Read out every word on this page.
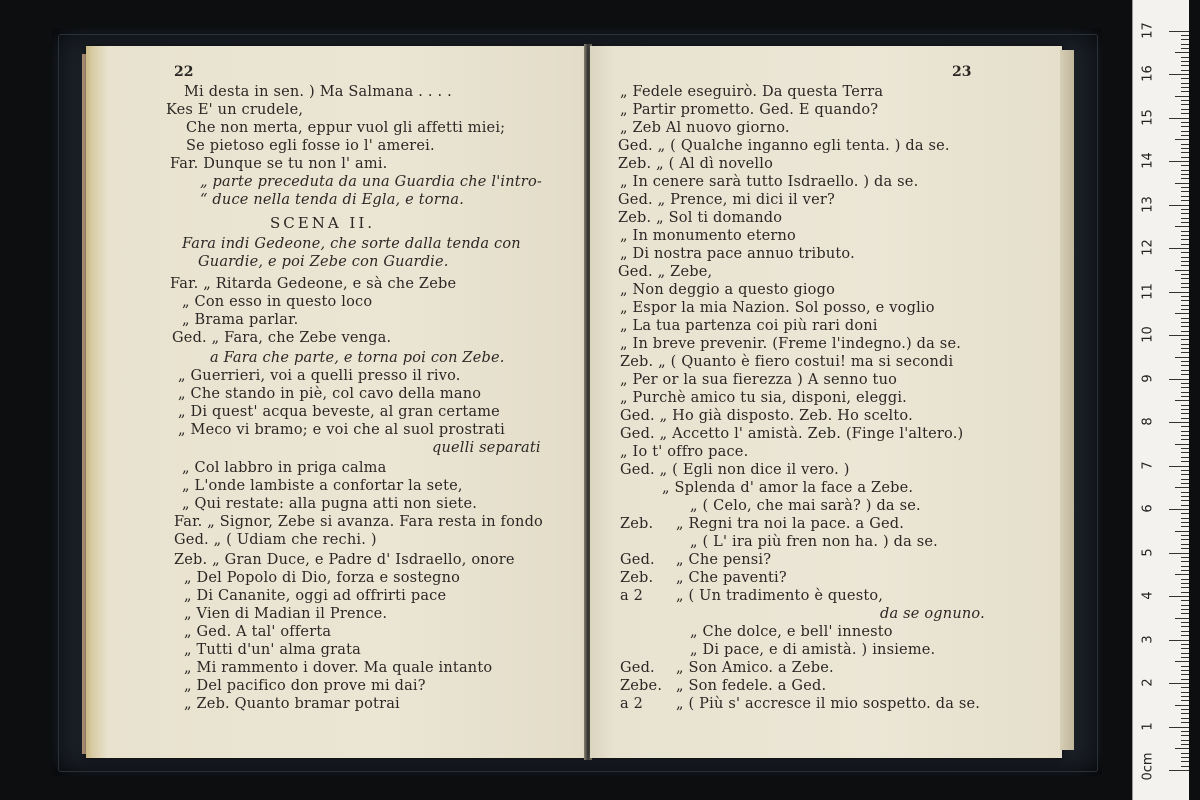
22
Mi desta in sen. ) Ma Salmana . . . .
Kes E' un crudele,
Che non merta, eppur vuol gli affetti miei;
Se pietoso egli fosse io l' amerei.
Far. Dunque se tu non l' ami.
„ parte preceduta da una Guardia che l'intro-
“ duce nella tenda di Egla, e torna.
SCENA II.
Fara indi Gedeone, che sorte dalla tenda con
Guardie, e poi Zebe con Guardie.
Far. „ Ritarda Gedeone, e sà che Zebe
„ Con esso in questo loco
„ Brama parlar.
Ged. „ Fara, che Zebe venga.
a Fara che parte, e torna poi con Zebe.
„ Guerrieri, voi a quelli presso il rivo.
„ Che stando in piè, col cavo della mano
„ Di quest' acqua beveste, al gran certame
„ Meco vi bramo; e voi che al suol prostrati
quelli separati
„ Col labbro in priga calma
„ L'onde lambiste a confortar la sete,
„ Qui restate: alla pugna atti non siete.
Far. „ Signor, Zebe si avanza. Fara resta in fondo
Ged. „ ( Udiam che rechi. )
Zeb. „ Gran Duce, e Padre d' Isdraello, onore
„ Del Popolo di Dio, forza e sostegno
„ Di Cananite, oggi ad offrirti pace
„ Vien di Madian il Prence.
„ Ged. A tal' offerta
„ Tutti d'un' alma grata
„ Mi rammento i dover. Ma quale intanto
„ Del pacifico don prove mi dai?
„ Zeb. Quanto bramar potrai
23
„ Fedele eseguirò. Da questa Terra
„ Partir prometto. Ged. E quando?
„ Zeb Al nuovo giorno.
Ged. „ ( Qualche inganno egli tenta. ) da se.
Zeb. „ ( Al dì novello
„ In cenere sarà tutto Isdraello. ) da se.
Ged. „ Prence, mi dici il ver?
Zeb. „ Sol ti domando
„ In monumento eterno
„ Di nostra pace annuo tributo.
Ged. „ Zebe,
„ Non deggio a questo giogo
„ Espor la mia Nazion. Sol posso, e voglio
„ La tua partenza coi più rari doni
„ In breve prevenir. (Freme l'indegno.) da se.
Zeb. „ ( Quanto è fiero costui! ma si secondi
„ Per or la sua fierezza ) A senno tuo
„ Purchè amico tu sia, disponi, eleggi.
Ged. „ Ho già disposto. Zeb. Ho scelto.
Ged. „ Accetto l' amistà. Zeb. (Finge l'altero.)
„ Io t' offro pace.
Ged. „ ( Egli non dice il vero. )
„ Splenda d' amor la face a Zebe.
„ ( Celo, che mai sarà? ) da se.
Zeb. „ Regni tra noi la pace. a Ged.
„ ( L' ira più fren non ha. ) da se.
Ged. „ Che pensi?
Zeb. „ Che paventi?
a 2 „ ( Un tradimento è questo,
da se ognuno.
„ Che dolce, e bell' innesto
„ Di pace, e di amistà. ) insieme.
Ged. „ Son Amico. a Zebe.
Zebe. „ Son fedele. a Ged.
a 2 „ ( Più s' accresce il mio sospetto. da se.
0cm
1
2
3
4
5
6
7
8
9
10
11
12
13
14
15
16
17
